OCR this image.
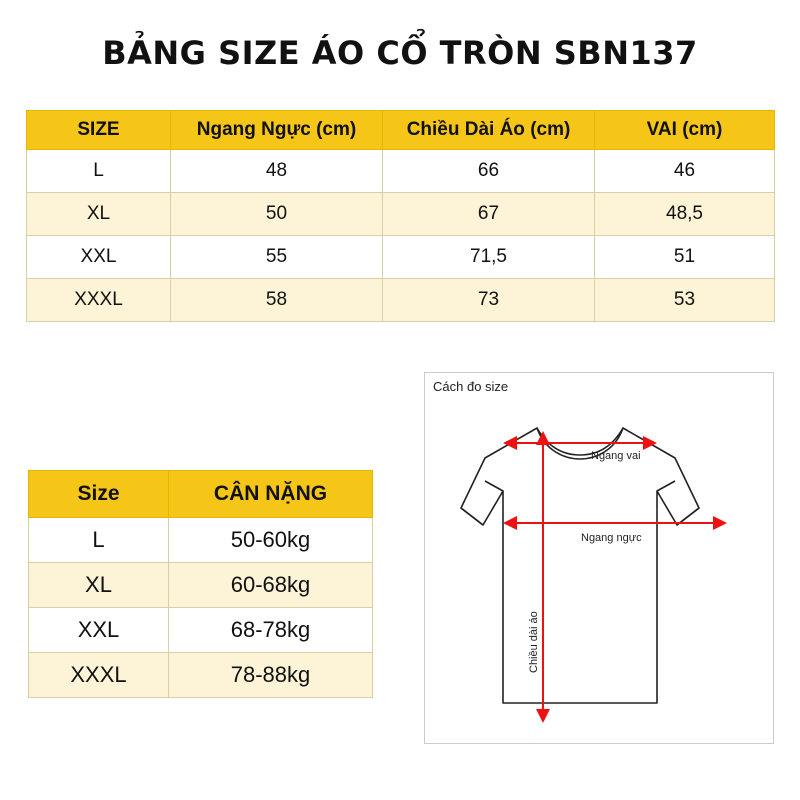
BẢNG SIZE ÁO CỔ TRÒN SBN137
SIZE	Ngang Ngực (cm)	Chiều Dài Áo (cm)	VAI (cm)
L	48	66	46
XL	50	67	48,5
XXL	55	71,5	51
XXXL	58	73	53
Size	CÂN NẶNG
L	50-60kg
XL	60-68kg
XXL	68-78kg
XXXL	78-88kg
Cách đo size
Ngang vai
Ngang ngực
Chiều dài áo
